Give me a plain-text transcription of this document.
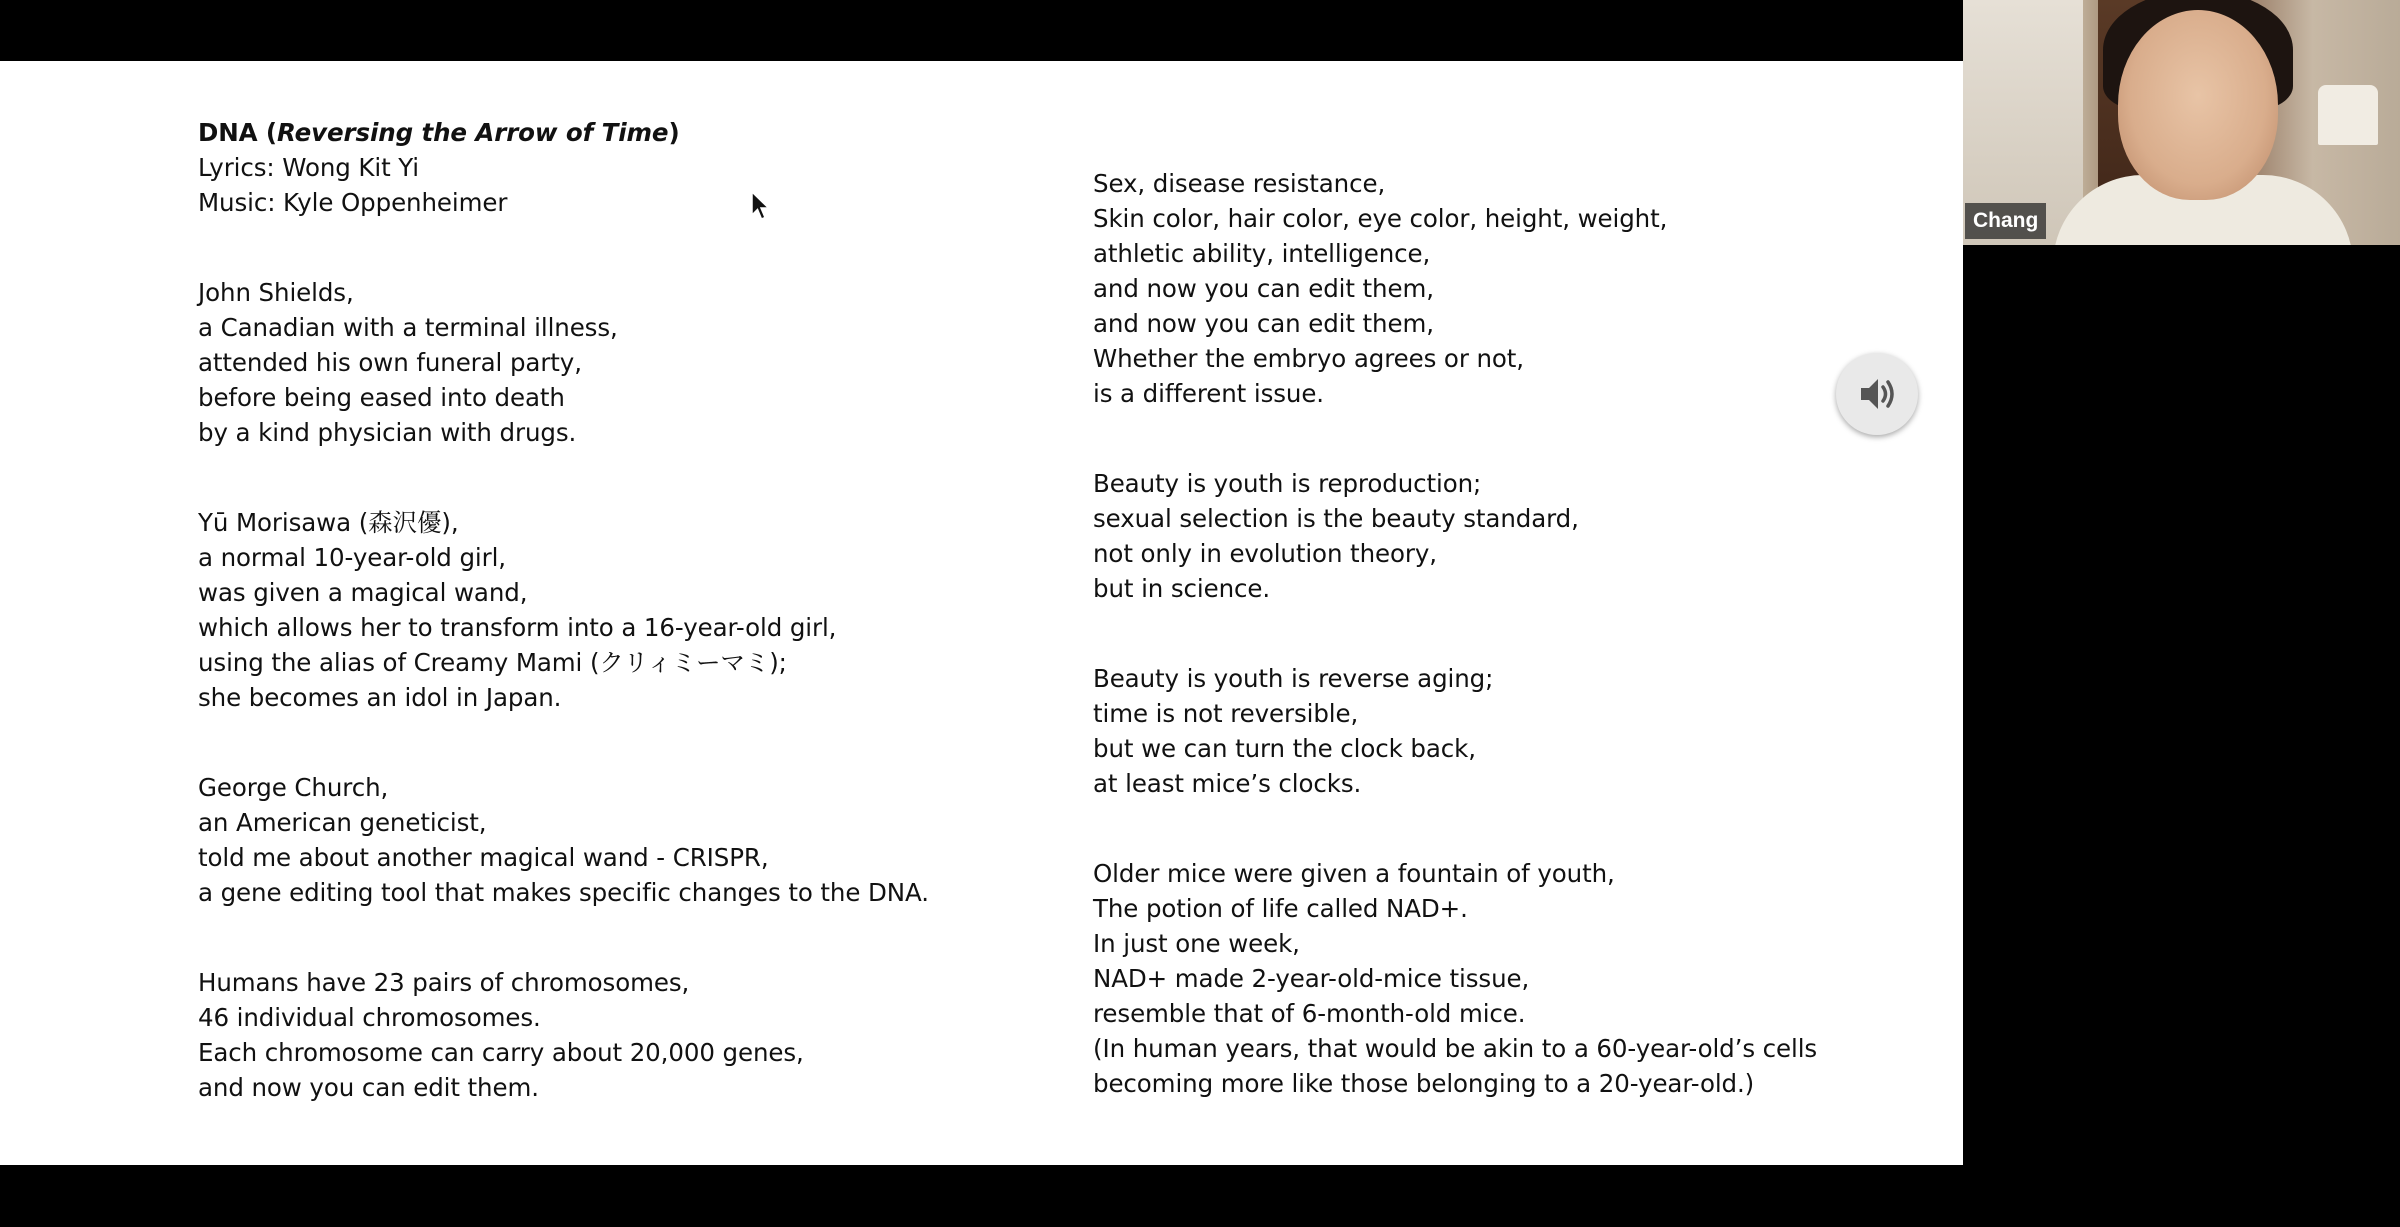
DNA (Reversing the Arrow of Time)
Lyrics: Wong Kit Yi
Music: Kyle Oppenheimer
John Shields,
a Canadian with a terminal illness,
attended his own funeral party,
before being eased into death
by a kind physician with drugs.
Yū Morisawa (森沢優),
a normal 10-year-old girl,
was given a magical wand,
which allows her to transform into a 16-year-old girl,
using the alias of Creamy Mami (クリィミーマミ);
she becomes an idol in Japan.
George Church,
an American geneticist,
told me about another magical wand - CRISPR,
a gene editing tool that makes specific changes to the DNA.
Humans have 23 pairs of chromosomes,
46 individual chromosomes.
Each chromosome can carry about 20,000 genes,
and now you can edit them.
Sex, disease resistance,
Skin color, hair color, eye color, height, weight,
athletic ability, intelligence,
and now you can edit them,
and now you can edit them,
Whether the embryo agrees or not,
is a different issue.
Beauty is youth is reproduction;
sexual selection is the beauty standard,
not only in evolution theory,
but in science.
Beauty is youth is reverse aging;
time is not reversible,
but we can turn the clock back,
at least mice’s clocks.
Older mice were given a fountain of youth,
The potion of life called NAD+.
In just one week,
NAD+ made 2-year-old-mice tissue,
resemble that of 6-month-old mice.
(In human years, that would be akin to a 60-year-old’s cells
becoming more like those belonging to a 20-year-old.)
Chang
